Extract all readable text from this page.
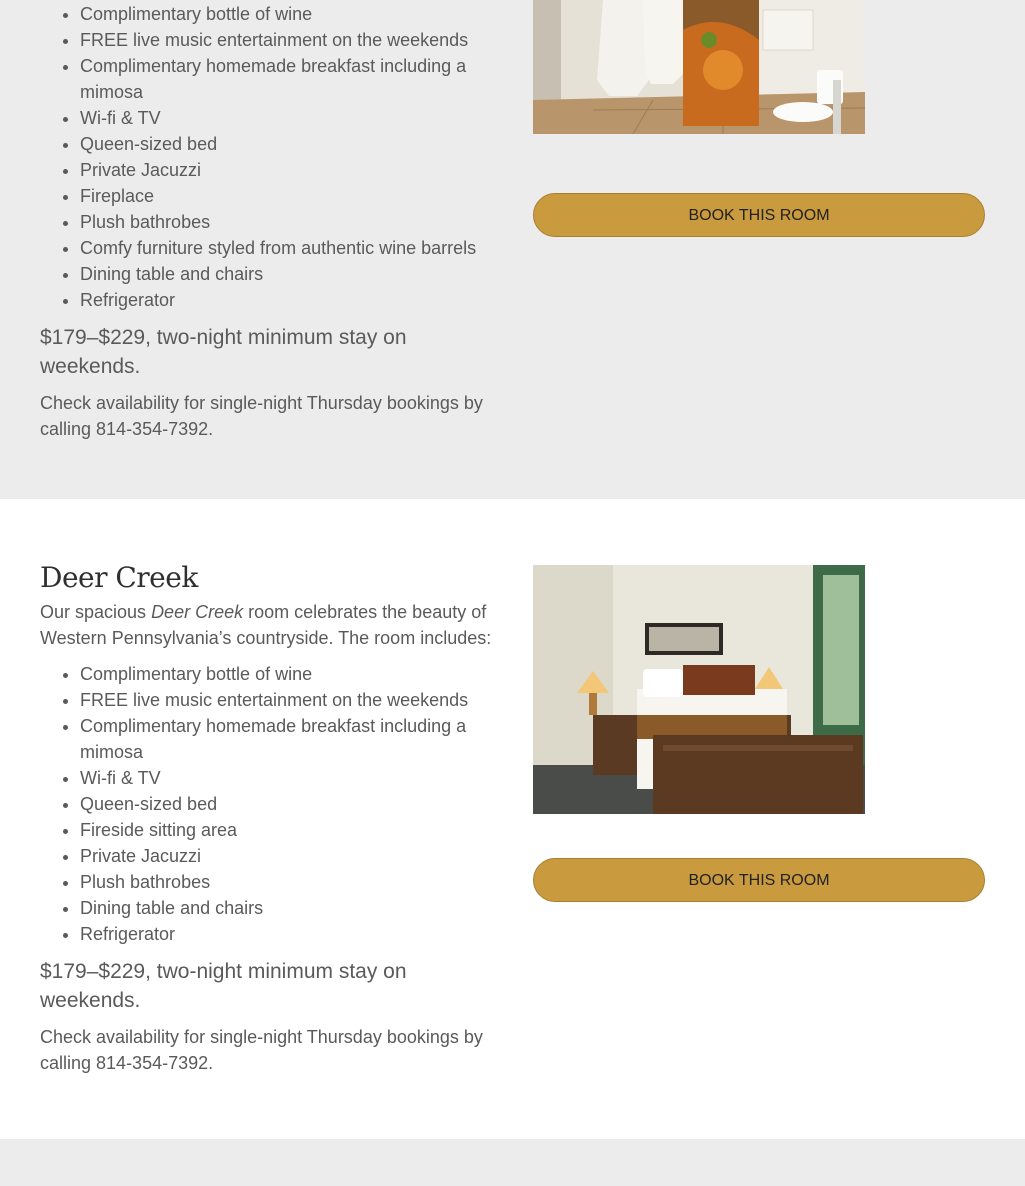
• Complimentary bottle of wine
• FREE live music entertainment on the weekends
• Complimentary homemade breakfast including a mimosa
• Wi-fi & TV
• Queen-sized bed
• Private Jacuzzi
• Fireplace
• Plush bathrobes
• Comfy furniture styled from authentic wine barrels
• Dining table and chairs
• Refrigerator

$179–$229, two-night minimum stay on weekends.

Check availability for single-night Thursday bookings by calling 814-354-7392.

BOOK THIS ROOM
Deer Creek

Our spacious Deer Creek room celebrates the beauty of Western Pennsylvania’s countryside. The room includes:

• Complimentary bottle of wine
• FREE live music entertainment on the weekends
• Complimentary homemade breakfast including a mimosa
• Wi-fi & TV
• Queen-sized bed
• Fireside sitting area
• Private Jacuzzi
• Plush bathrobes
• Dining table and chairs
• Refrigerator

$179–$229, two-night minimum stay on weekends.

Check availability for single-night Thursday bookings by calling 814-354-7392.

BOOK THIS ROOM
